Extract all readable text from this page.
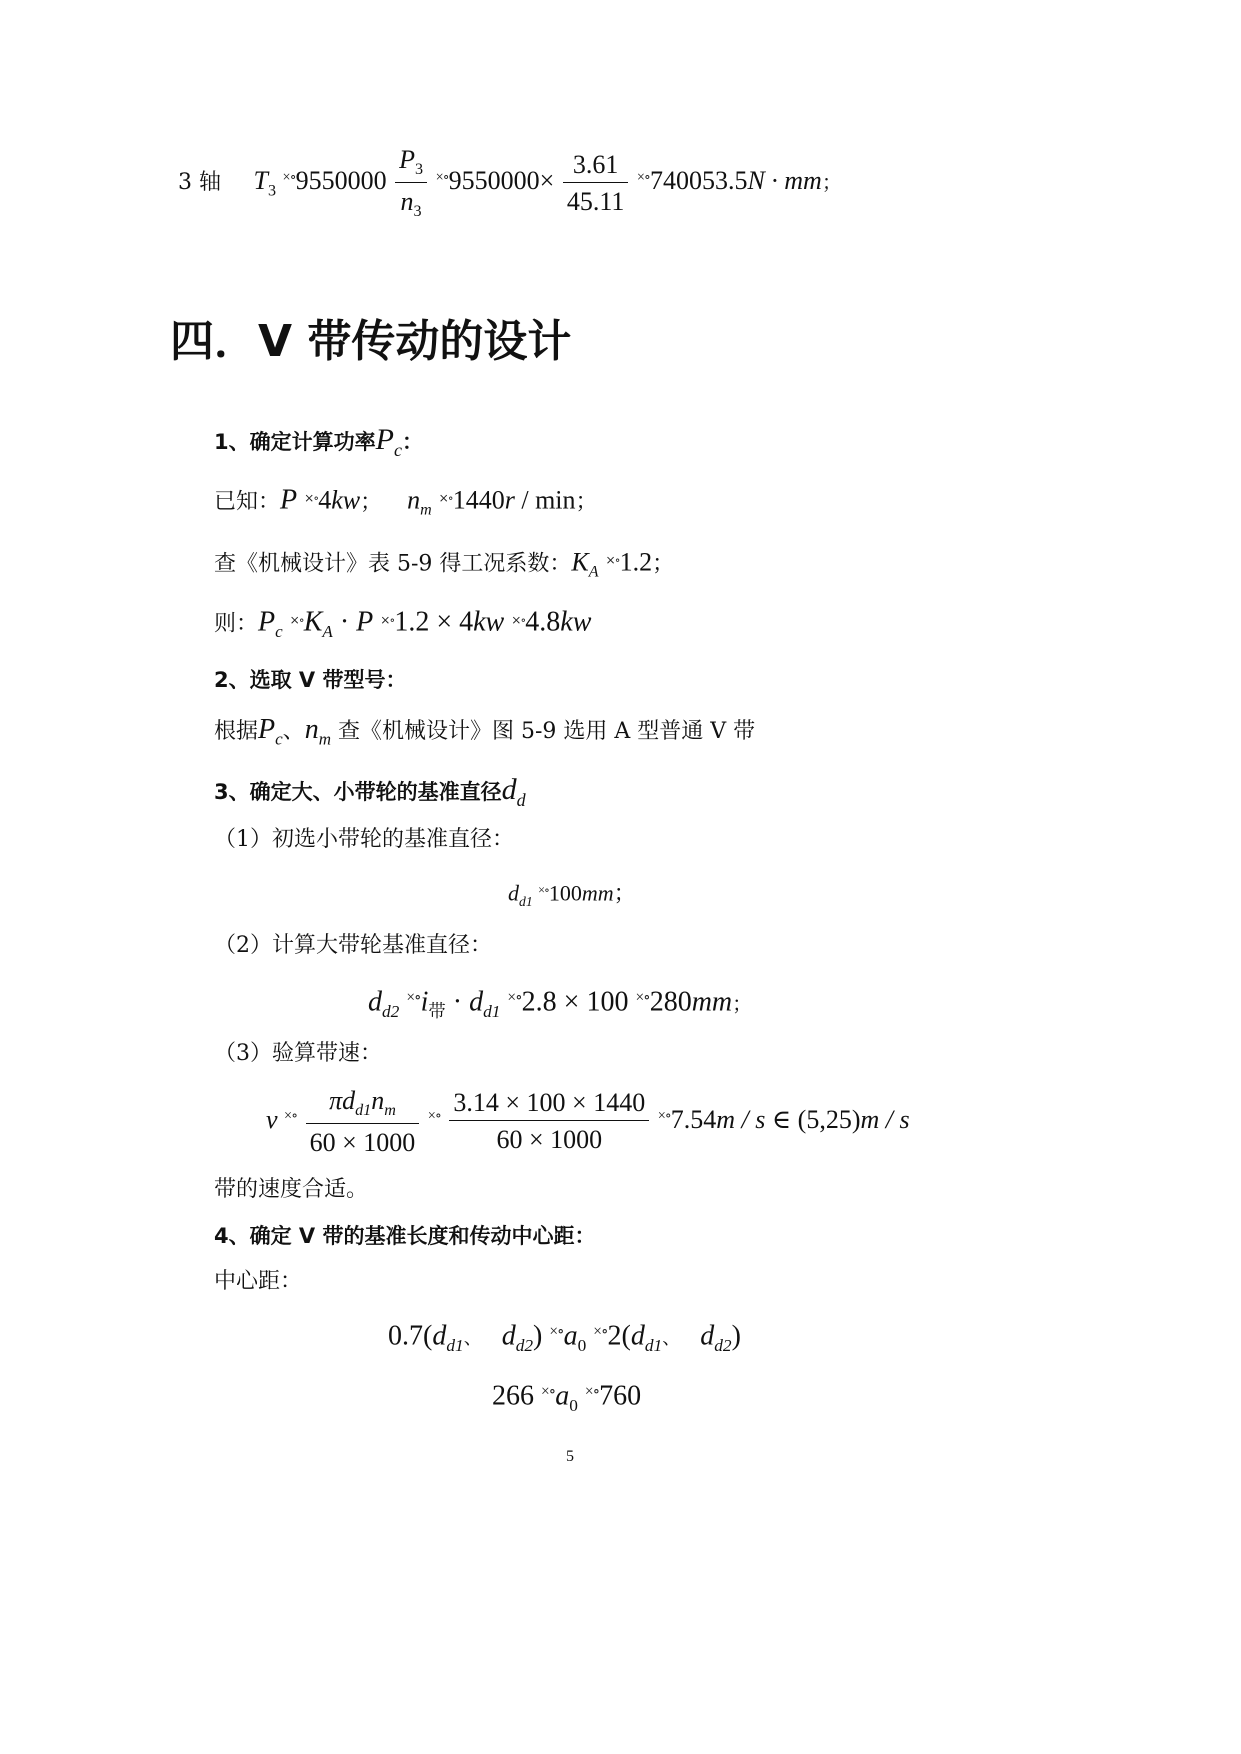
3 轴 $T_3$ $^{\times\circ}9550000 \frac{P_3}{n_3} ^{\times\circ}9550000\times \frac{3.61}{45.11} ^{\times\circ}740053.5N$ · mm；
四．V 带传动的设计
1、确定计算功率Pc：
已知：P ×∘4kw； $n_m$ ×∘1440r / min；
查《机械设计》表 5-9 得工况系数：$K_A$ ×∘1.2；
则：$P_c$ $^{\times\circ}K_A \cdot P$ ×∘1.2 × 4kw ×∘4.8kw
2、选取 V 带型号：
根据$P_c$、$n_m$ 查《机械设计》图 5-9 选用 A 型普通 V 带
3、确定大、小带轮的基准直径dd
（1）初选小带轮的基准直径：
$d_{d1}$ ×∘100mm；
（2）计算大带轮基准直径：
$d_{d2}$ $^{\times\circ}i_带 \cdot d_{d1}$ ×∘2.8 × 100 ×∘280mm；
（3）验算带速：
v $^{\times\circ} \frac{\pi d_{d1}n_m}{60 \times 1000} ^{\times\circ} \frac{3.14 \times 100 \times 1440}{60 \times 1000} ^{\times\circ}7.54m$ / s ∈ (5,25)m / s
带的速度合适。
4、确定 V 带的基准长度和传动中心距：
中心距：
$0.7(d_{d1}$、 $d_{d2}$) $^{\times\circ}a_0$ $^{\times\circ}2(d_{d1}$、 $d_{d2}$)
266 $^{\times\circ}a_0$ ×∘760
5
